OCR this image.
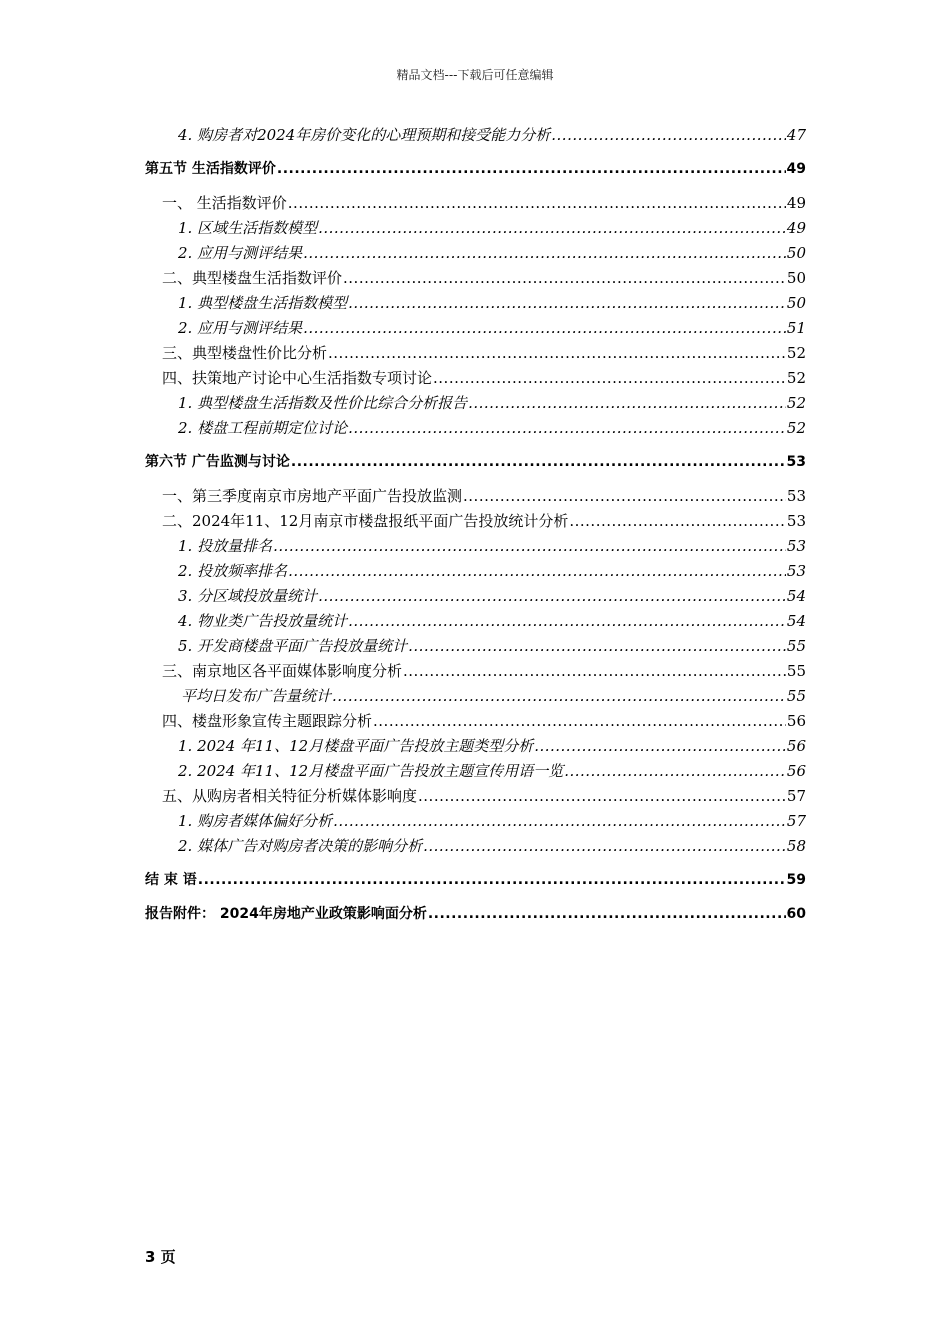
精品文档---下载后可任意编辑
4. 购房者对2024年房价变化的心理预期和接受能力分析 .....	47
第五节 生活指数评价 .....	49
一、 生活指数评价 .....	49
1. 区域生活指数模型 .....	49
2. 应用与测评结果 .....	50
二、典型楼盘生活指数评价 .....	50
1. 典型楼盘生活指数模型 .....	50
2. 应用与测评结果 .....	51
三、典型楼盘性价比分析 .....	52
四、扶策地产讨论中心生活指数专项讨论 .....	52
1. 典型楼盘生活指数及性价比综合分析报告 .....	52
2. 楼盘工程前期定位讨论 .....	52
第六节 广告监测与讨论 .....	53
一、第三季度南京市房地产平面广告投放监测 .....	53
二、2024年11、12月南京市楼盘报纸平面广告投放统计分析 .....	53
1. 投放量排名 .....	53
2. 投放频率排名 .....	53
3. 分区域投放量统计 .....	54
4. 物业类广告投放量统计 .....	54
5. 开发商楼盘平面广告投放量统计 .....	55
三、南京地区各平面媒体影响度分析 .....	55
平均日发布广告量统计 .....	55
四、楼盘形象宣传主题跟踪分析 .....	56
1. 2024 年11、12月楼盘平面广告投放主题类型分析 .....	56
2. 2024 年11、12月楼盘平面广告投放主题宣传用语一览 .....	56
五、从购房者相关特征分析媒体影响度 .....	57
1. 购房者媒体偏好分析 .....	57
2. 媒体广告对购房者决策的影响分析 .....	58
结 束 语 .....	59
报告附件： 2024年房地产业政策影响面分析 .....	60
3 页
